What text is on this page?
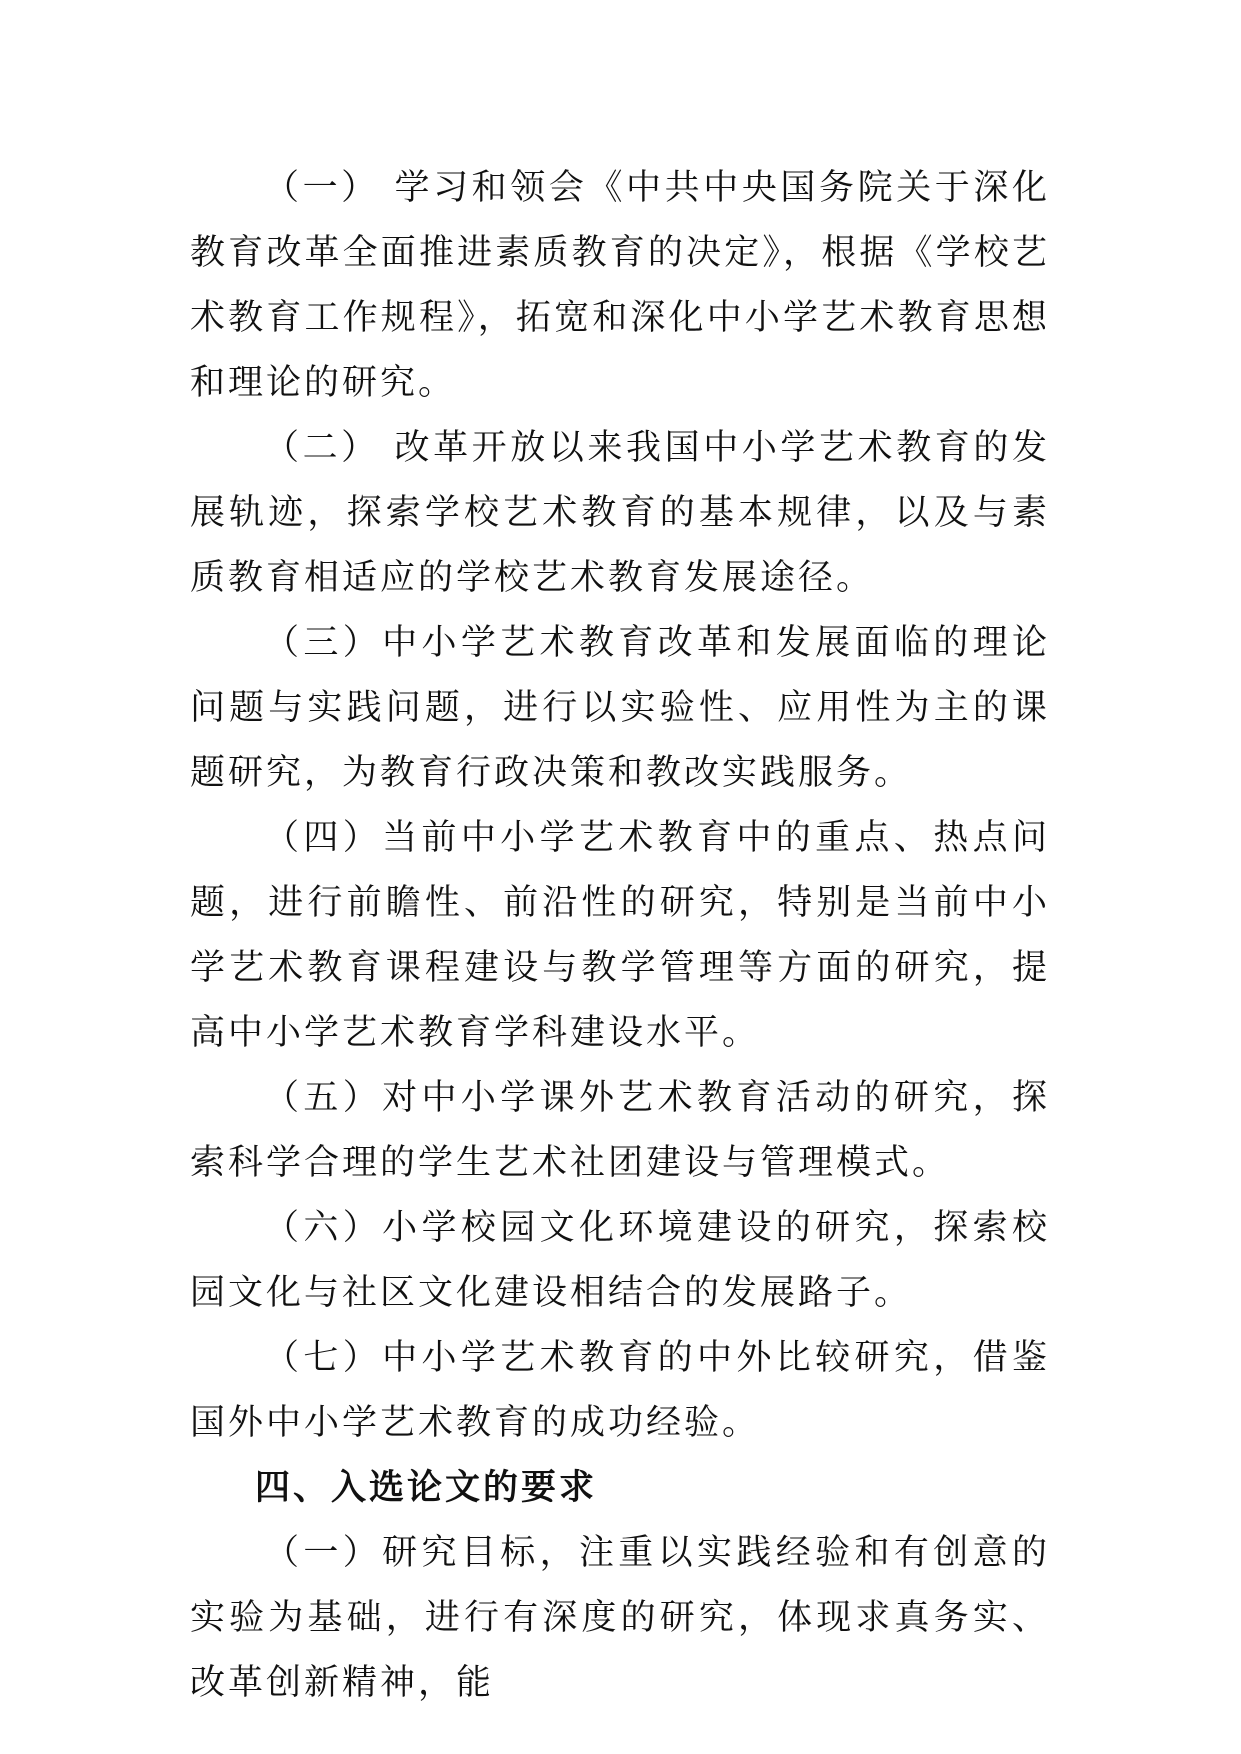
（一） 学习和领会《中共中央国务院关于深化教育改革全面推进素质教育的决定》，根据《学校艺术教育工作规程》，拓宽和深化中小学艺术教育思想和理论的研究。

（二） 改革开放以来我国中小学艺术教育的发展轨迹，探索学校艺术教育的基本规律，以及与素质教育相适应的学校艺术教育发展途径。

（三）中小学艺术教育改革和发展面临的理论问题与实践问题，进行以实验性、应用性为主的课题研究，为教育行政决策和教改实践服务。

（四）当前中小学艺术教育中的重点、热点问题，进行前瞻性、前沿性的研究，特别是当前中小学艺术教育课程建设与教学管理等方面的研究，提高中小学艺术教育学科建设水平。

（五）对中小学课外艺术教育活动的研究，探索科学合理的学生艺术社团建设与管理模式。

（六）小学校园文化环境建设的研究，探索校园文化与社区文化建设相结合的发展路子。

（七）中小学艺术教育的中外比较研究，借鉴国外中小学艺术教育的成功经验。

四、入选论文的要求

（一）研究目标，注重以实践经验和有创意的实验为基础，进行有深度的研究，体现求真务实、改革创新精神，能
